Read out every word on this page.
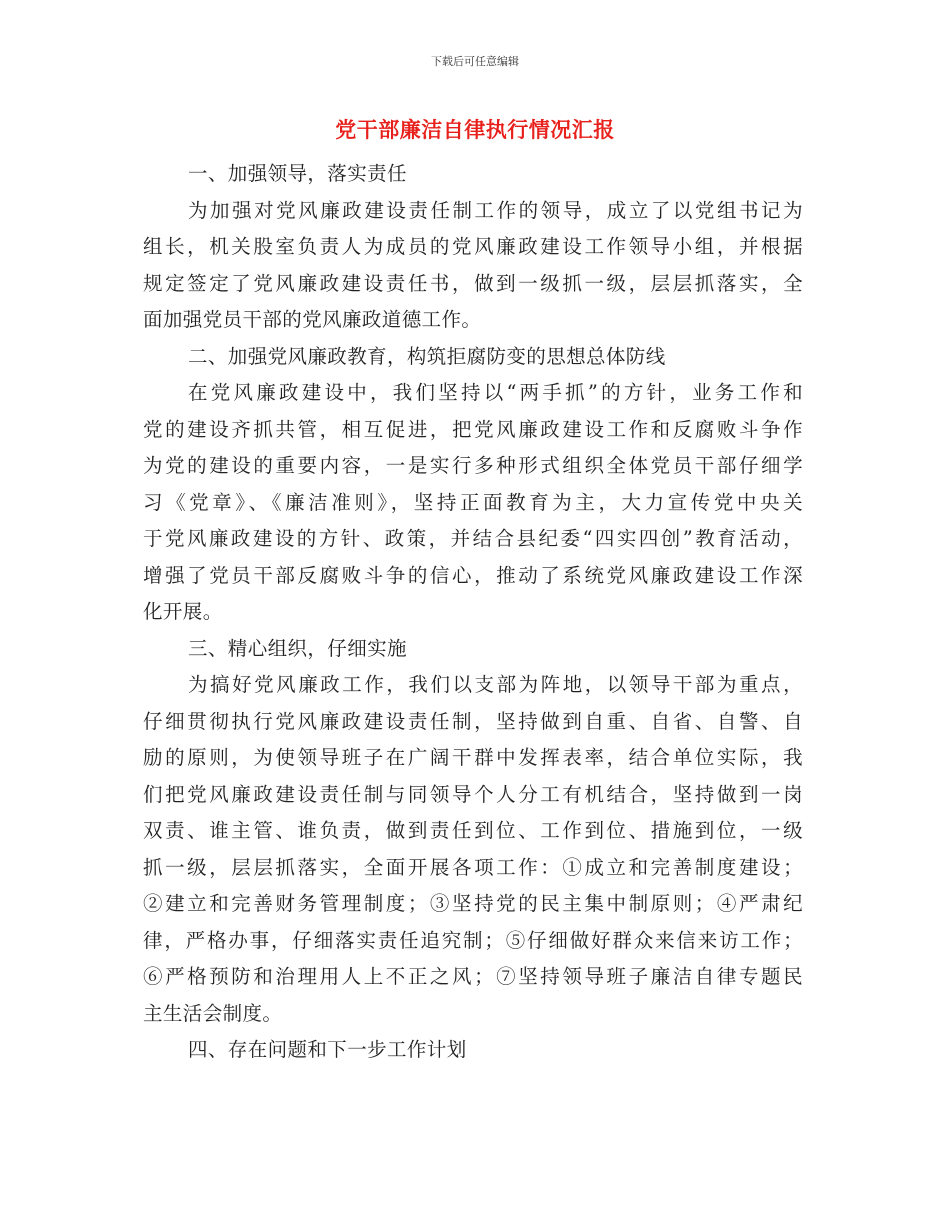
下载后可任意编辑
党干部廉洁自律执行情况汇报
一、加强领导，落实责任
为加强对党风廉政建设责任制工作的领导，成立了以党组书记为
组长，机关股室负责人为成员的党风廉政建设工作领导小组，并根据
规定签定了党风廉政建设责任书，做到一级抓一级，层层抓落实，全
面加强党员干部的党风廉政道德工作。
二、加强党风廉政教育，构筑拒腐防变的思想总体防线
在党风廉政建设中，我们坚持以“两手抓”的方针，业务工作和
党的建设齐抓共管，相互促进，把党风廉政建设工作和反腐败斗争作
为党的建设的重要内容，一是实行多种形式组织全体党员干部仔细学
习《党章》、《廉洁准则》，坚持正面教育为主，大力宣传党中央关
于党风廉政建设的方针、政策，并结合县纪委“四实四创”教育活动，
增强了党员干部反腐败斗争的信心，推动了系统党风廉政建设工作深
化开展。
三、精心组织，仔细实施
为搞好党风廉政工作，我们以支部为阵地，以领导干部为重点，
仔细贯彻执行党风廉政建设责任制，坚持做到自重、自省、自警、自
励的原则，为使领导班子在广阔干群中发挥表率，结合单位实际，我
们把党风廉政建设责任制与同领导个人分工有机结合，坚持做到一岗
双责、谁主管、谁负责，做到责任到位、工作到位、措施到位，一级
抓一级，层层抓落实，全面开展各项工作：①成立和完善制度建设；
②建立和完善财务管理制度；③坚持党的民主集中制原则；④严肃纪
律，严格办事，仔细落实责任追究制；⑤仔细做好群众来信来访工作；
⑥严格预防和治理用人上不正之风；⑦坚持领导班子廉洁自律专题民
主生活会制度。
四、存在问题和下一步工作计划
